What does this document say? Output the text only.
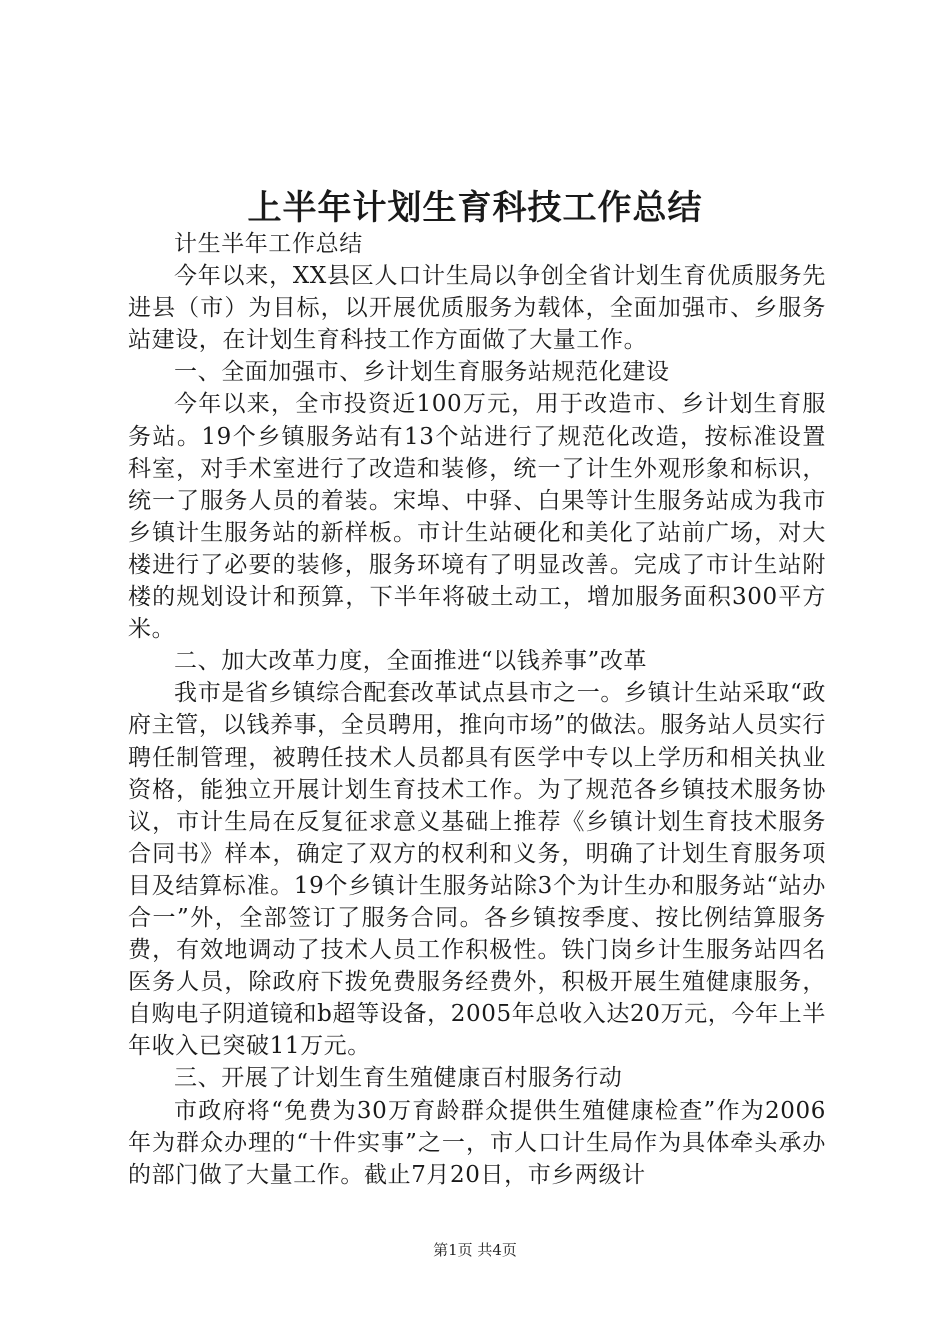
上半年计划生育科技工作总结

计生半年工作总结

今年以来，XX县区人口计生局以争创全省计划生育优质服务先进县（市）为目标，以开展优质服务为载体，全面加强市、乡服务站建设，在计划生育科技工作方面做了大量工作。

一、全面加强市、乡计划生育服务站规范化建设

今年以来，全市投资近100万元，用于改造市、乡计划生育服务站。19个乡镇服务站有13个站进行了规范化改造，按标准设置科室，对手术室进行了改造和装修，统一了计生外观形象和标识，统一了服务人员的着装。宋埠、中驿、白果等计生服务站成为我市乡镇计生服务站的新样板。市计生站硬化和美化了站前广场，对大楼进行了必要的装修，服务环境有了明显改善。完成了市计生站附楼的规划设计和预算，下半年将破土动工，增加服务面积300平方米。

二、加大改革力度，全面推进“以钱养事”改革

我市是省乡镇综合配套改革试点县市之一。乡镇计生站采取“政府主管，以钱养事，全员聘用，推向市场”的做法。服务站人员实行聘任制管理，被聘任技术人员都具有医学中专以上学历和相关执业资格，能独立开展计划生育技术工作。为了规范各乡镇技术服务协议，市计生局在反复征求意义基础上推荐《乡镇计划生育技术服务合同书》样本，确定了双方的权利和义务，明确了计划生育服务项目及结算标准。19个乡镇计生服务站除3个为计生办和服务站“站办合一”外，全部签订了服务合同。各乡镇按季度、按比例结算服务费，有效地调动了技术人员工作积极性。铁门岗乡计生服务站四名医务人员，除政府下拨免费服务经费外，积极开展生殖健康服务，自购电子阴道镜和b超等设备，2005年总收入达20万元，今年上半年收入已突破11万元。

三、开展了计划生育生殖健康百村服务行动

市政府将“免费为30万育龄群众提供生殖健康检查”作为2006年为群众办理的“十件实事”之一，市人口计生局作为具体牵头承办的部门做了大量工作。截止7月20日，市乡两级计

第1页 共4页
